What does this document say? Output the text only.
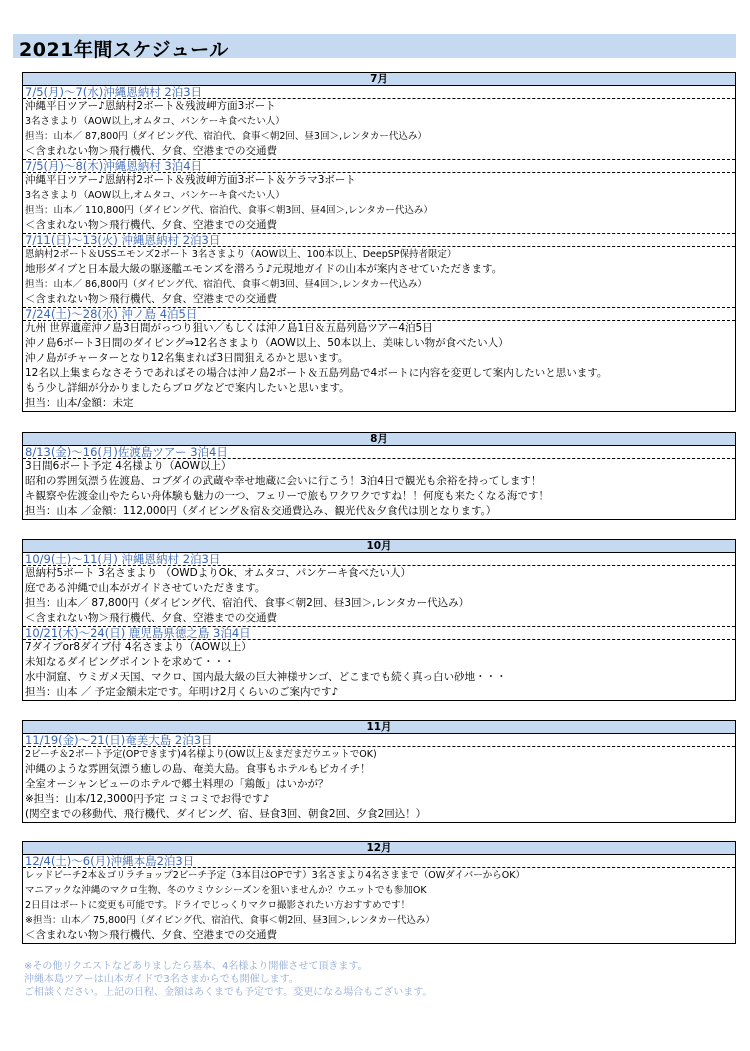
2021年間スケジュール
7月
7/5(月)～7(水)沖縄恩納村 2泊3日
沖縄平日ツアー♪恩納村2ボート＆残波岬方面3ボート
3名さまより（AOW以上,オムタコ、パンケーキ食べたい人）
担当：山本／ 87,800円（ダイビング代、宿泊代、食事＜朝2回、昼3回＞,レンタカー代込み）
＜含まれない物＞飛行機代、夕食、空港までの交通費
7/5(月)～8(木)沖縄恩納村 3泊4日
沖縄平日ツアー♪恩納村2ボート＆残波岬方面3ボート＆ケラマ3ボート
3名さまより（AOW以上,オムタコ、パンケーキ食べたい人）
担当：山本／ 110,800円（ダイビング代、宿泊代、食事＜朝3回、昼4回＞,レンタカー代込み）
＜含まれない物＞飛行機代、夕食、空港までの交通費
7/11(日)～13(火) 沖縄恩納村 2泊3日
恩納村2ボート＆USSエモンズ2ボート 3名さまより（AOW以上、100本以上、DeepSP保持者限定）
地形ダイブと日本最大級の駆逐艦エモンズを潜ろう♪元現地ガイドの山本が案内させていただきます。
担当：山本／ 86,800円（ダイビング代、宿泊代、食事＜朝3回、昼4回＞,レンタカー代込み）
＜含まれない物＞飛行機代、夕食、空港までの交通費
7/24(土)～28(水) 沖ノ島 4泊5日
九州 世界遺産沖ノ島3日間がっつり狙い／もしくは沖ノ島1日＆五島列島ツアー4泊5日
沖ノ島6ボート3日間のダイビング⇒12名さまより（AOW以上、50本以上、美味しい物が食べたい人）
沖ノ島がチャーターとなり12名集まれば3日間狙えるかと思います。
12名以上集まらなさそうであればその場合は沖ノ島2ボート＆五島列島で4ボートに内容を変更して案内したいと思います。
もう少し詳細が分かりましたらブログなどで案内したいと思います。
担当：山本/金額：未定
8月
8/13(金)～16(月)佐渡島ツアー 3泊4日
3日間6ボート予定 4名様より（AOW以上）
昭和の雰囲気漂う佐渡島、コブダイの武蔵や幸せ地蔵に会いに行こう！3泊4日で観光も余裕を持ってします！
キ観察や佐渡金山やたらい舟体験も魅力の一つ、フェリーで旅もワクワクですね！！何度も来たくなる海です！
担当：山本 ／金額：112,000円（ダイビング＆宿＆交通費込み、観光代＆夕食代は別となります。）
10月
10/9(土)～11(月) 沖縄恩納村 2泊3日
恩納村5ボート 3名さまより （OWDよりOk、オムタコ、パンケーキ食べたい人）
庭である沖縄で山本がガイドさせていただきます。
担当：山本／ 87,800円（ダイビング代、宿泊代、食事＜朝2回、昼3回＞,レンタカー代込み）
＜含まれない物＞飛行機代、夕食、空港までの交通費
10/21(木)～24(日) 鹿児島県徳之島 3泊4日
7ダイブor8ダイブ付 4名さまより（AOW以上）
未知なるダイビングポイントを求めて・・・
水中洞窟、ウミガメ天国、マクロ、国内最大級の巨大神様サンゴ、どこまでも続く真っ白い砂地・・・
担当：山本 ／ 予定金額未定です。年明け2月くらいのご案内です♪
11月
11/19(金)～21(日)奄美大島 2泊3日
2ビーチ＆2ボート予定(OPできます)4名様より(OW以上＆まだまだウエットでOK)
沖縄のような雰囲気漂う癒しの島、奄美大島。食事もホテルもピカイチ！
全室オーシャンビューのホテルで郷土料理の「鶏飯」はいかが？
※担当：山本/12,3000円予定 コミコミでお得です♪
(関空までの移動代、飛行機代、ダイビング、宿、昼食3回、朝食2回、夕食2回込！）
12月
12/4(土)～6(月)沖縄本島2泊3日
レッドビーチ2本＆ゴリラチョップ2ビーチ予定（3本目はOPです）3名さまより4名さままで（OWダイバーからOK）
マニアックな沖縄のマクロ生物、冬のウミウシシーズンを狙いませんか？ウエットでも参加OK
2日目はボートに変更も可能です。ドライでじっくりマクロ撮影されたい方おすすめです！
※担当：山本／ 75,800円（ダイビング代、宿泊代、食事＜朝2回、昼3回＞,レンタカー代込み）
＜含まれない物＞飛行機代、夕食、空港までの交通費
※その他リクエストなどありましたら基本、4名様より開催させて頂きます。
沖縄本島ツアーは山本ガイドで3名さまからでも開催します。
ご相談ください。上記の日程、金額はあくまでも予定です。変更になる場合もございます。
